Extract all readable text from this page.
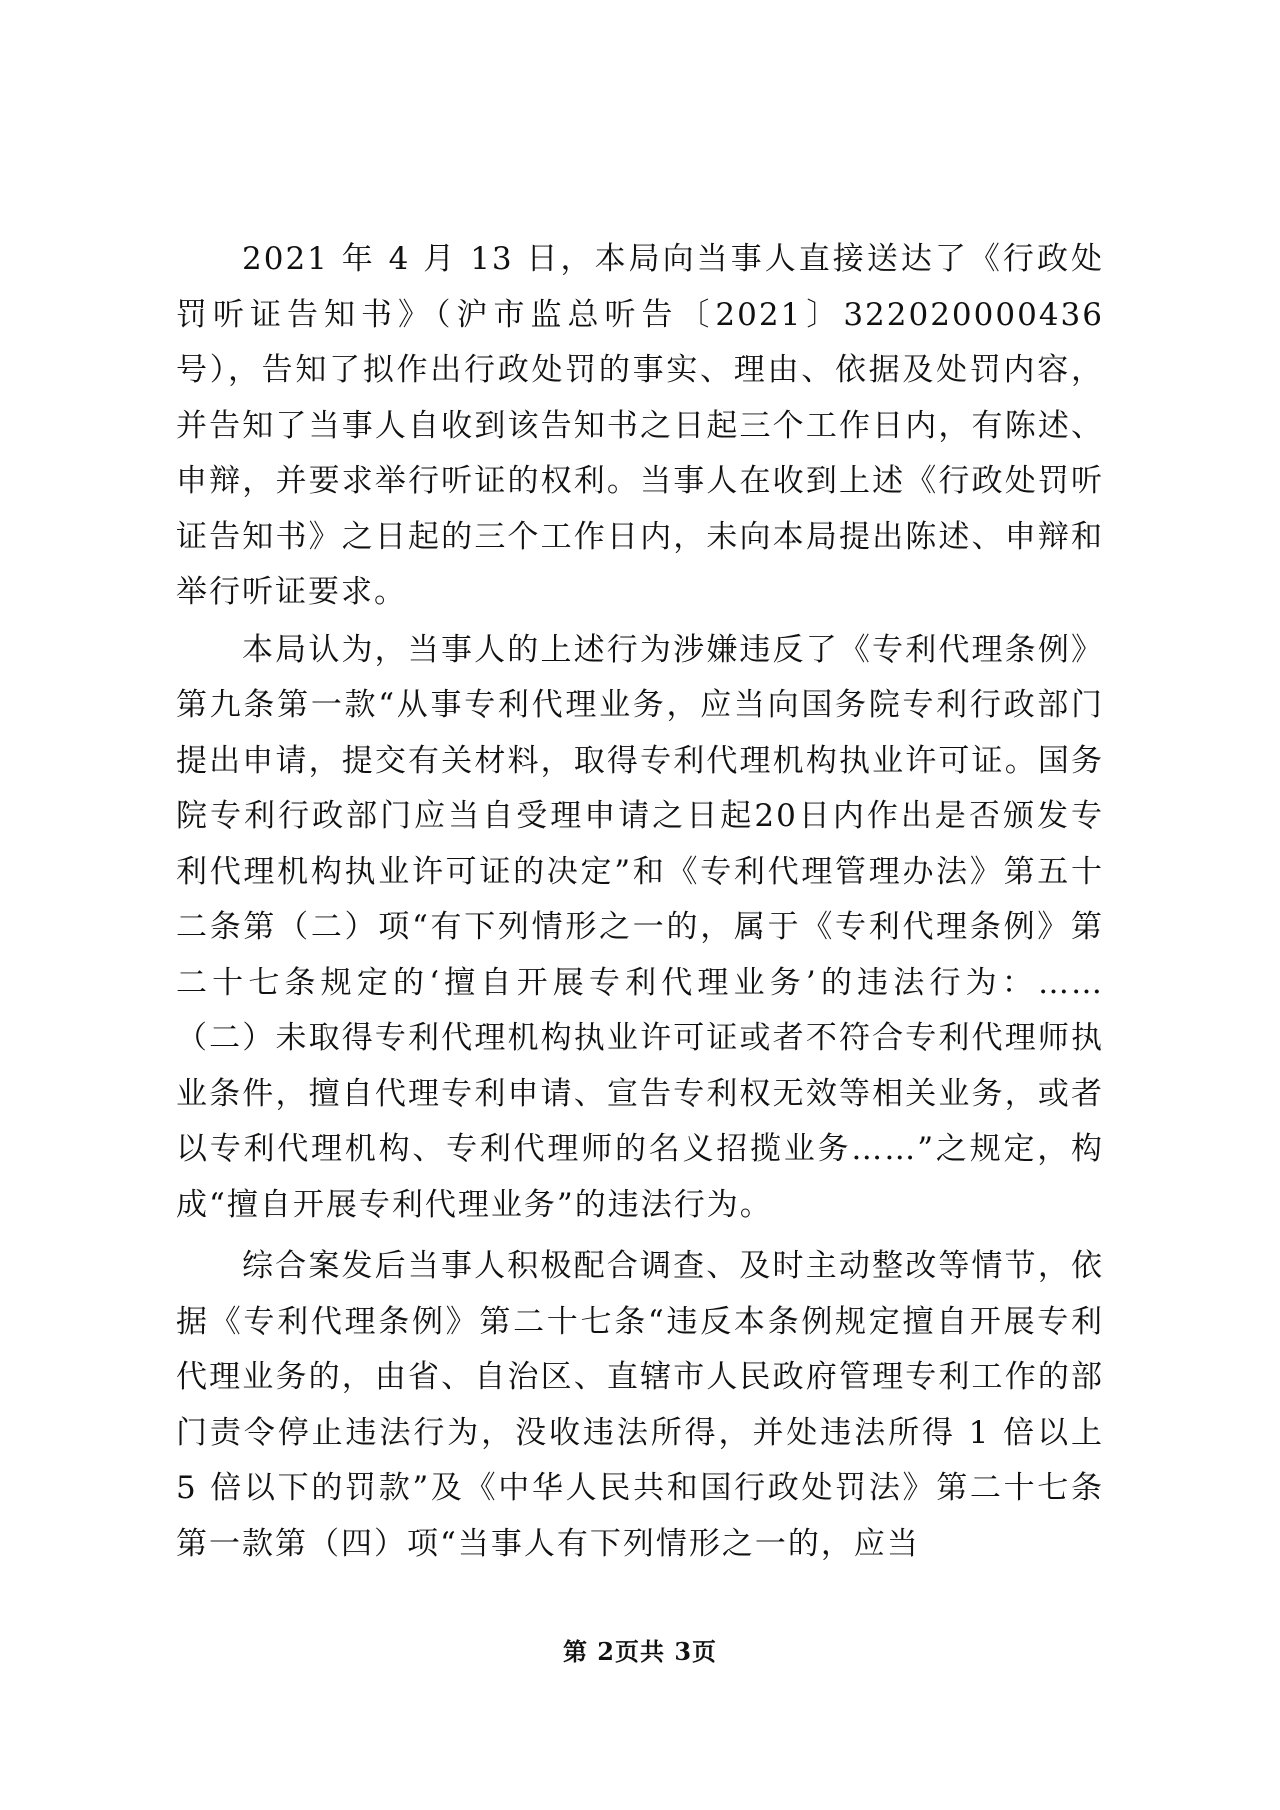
2021 年 4 月 13 日，本局向当事人直接送达了《行政处罚听证告知书》（沪市监总听告〔2021〕322020000436 号），告知了拟作出行政处罚的事实、理由、依据及处罚内容，并告知了当事人自收到该告知书之日起三个工作日内，有陈述、申辩，并要求举行听证的权利。当事人在收到上述《行政处罚听证告知书》之日起的三个工作日内，未向本局提出陈述、申辩和举行听证要求。

本局认为，当事人的上述行为涉嫌违反了《专利代理条例》第九条第一款“从事专利代理业务，应当向国务院专利行政部门提出申请，提交有关材料，取得专利代理机构执业许可证。国务院专利行政部门应当自受理申请之日起20日内作出是否颁发专利代理机构执业许可证的决定”和《专利代理管理办法》第五十二条第（二）项“有下列情形之一的，属于《专利代理条例》第二十七条规定的‘擅自开展专利代理业务’的违法行为：……（二）未取得专利代理机构执业许可证或者不符合专利代理师执业条件，擅自代理专利申请、宣告专利权无效等相关业务，或者以专利代理机构、专利代理师的名义招揽业务……”之规定，构成“擅自开展专利代理业务”的违法行为。

综合案发后当事人积极配合调查、及时主动整改等情节，依据《专利代理条例》第二十七条“违反本条例规定擅自开展专利代理业务的，由省、自治区、直辖市人民政府管理专利工作的部门责令停止违法行为，没收违法所得，并处违法所得 1 倍以上 5 倍以下的罚款”及《中华人民共和国行政处罚法》第二十七条第一款第（四）项“当事人有下列情形之一的，应当

第 2页共 3页
